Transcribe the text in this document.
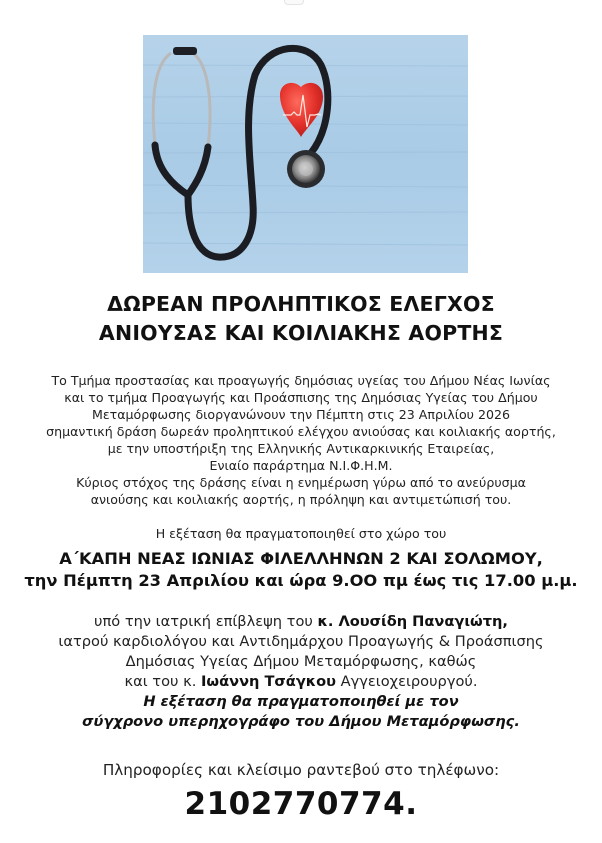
ΔΩΡΕΑΝ ΠΡΟΛΗΠΤΙΚΟΣ ΕΛΕΓΧΟΣ
ΑΝΙΟΥΣΑΣ ΚΑΙ ΚΟΙΛΙΑΚΗΣ ΑΟΡΤΗΣ
Το Τμήμα προστασίας και προαγωγής δημόσιας υγείας του Δήμου Νέας Ιωνίας
και το τμήμα Προαγωγής και Προάσπισης της Δημόσιας Υγείας του Δήμου
Μεταμόρφωσης διοργανώνουν την Πέμπτη στις 23 Απριλίου 2026
σημαντική δράση δωρεάν προληπτικού ελέγχου ανιούσας και κοιλιακής αορτής,
με την υποστήριξη της Ελληνικής Αντικαρκινικής Εταιρείας,
Ενιαίο παράρτημα Ν.Ι.Φ.Η.Μ.
Κύριος στόχος της δράσης είναι η ενημέρωση γύρω από το ανεύρυσμα
ανιούσης και κοιλιακής αορτής, η πρόληψη και αντιμετώπισή του.
Η εξέταση θα πραγματοποιηθεί στο χώρο του
Α΄ΚΑΠΗ ΝΕΑΣ ΙΩΝΙΑΣ ΦΙΛΕΛΛΗΝΩΝ 2 ΚΑΙ ΣΟΛΩΜΟΥ,
την Πέμπτη 23 Απριλίου και ώρα 9.ΟΟ πμ έως τις 17.00 μ.μ.
υπό την ιατρική επίβλεψη του κ. Λουσίδη Παναγιώτη,
ιατρού καρδιολόγου και Αντιδημάρχου Προαγωγής & Προάσπισης
Δημόσιας Υγείας Δήμου Μεταμόρφωσης, καθώς
και του κ. Ιωάννη Τσάγκου Αγγειοχειρουργού.
Η εξέταση θα πραγματοποιηθεί με τον
σύγχρονο υπερηχογράφο του Δήμου Μεταμόρφωσης.
Πληροφορίες και κλείσιμο ραντεβού στο τηλέφωνο:
2102770774.
